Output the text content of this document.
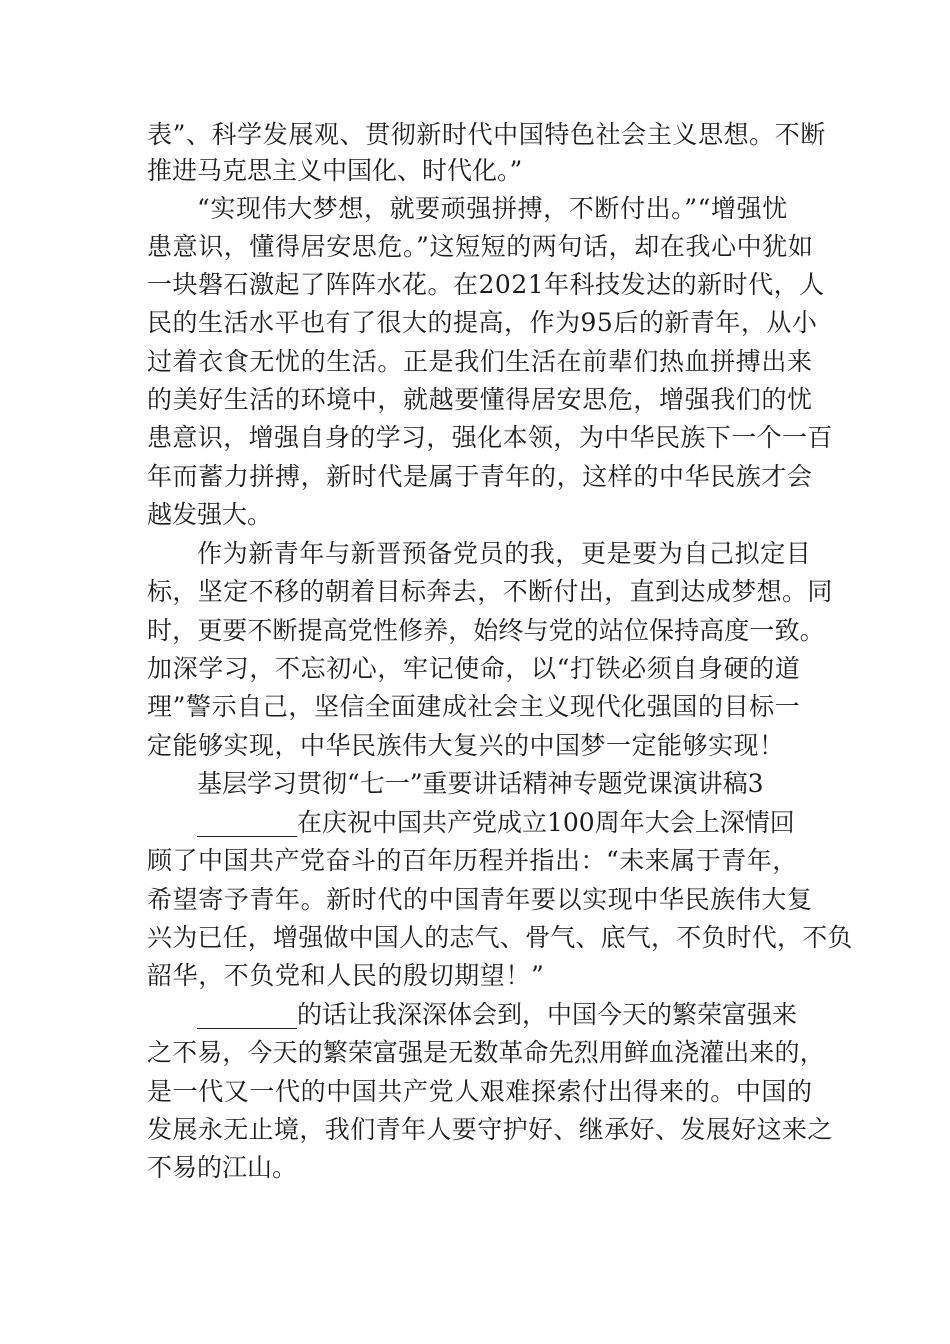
表”、科学发展观、贯彻新时代中国特色社会主义思想。不断
推进马克思主义中国化、时代化。”
“实现伟大梦想，就要顽强拼搏，不断付出。”“增强忧
患意识，懂得居安思危。”这短短的两句话，却在我心中犹如
一块磐石激起了阵阵水花。在2021年科技发达的新时代，人
民的生活水平也有了很大的提高，作为95后的新青年，从小
过着衣食无忧的生活。正是我们生活在前辈们热血拼搏出来
的美好生活的环境中，就越要懂得居安思危，增强我们的忧
患意识，增强自身的学习，强化本领，为中华民族下一个一百
年而蓄力拼搏，新时代是属于青年的，这样的中华民族才会
越发强大。
作为新青年与新晋预备党员的我，更是要为自己拟定目
标，坚定不移的朝着目标奔去，不断付出，直到达成梦想。同
时，更要不断提高党性修养，始终与党的站位保持高度一致。
加深学习，不忘初心，牢记使命，以“打铁必须自身硬的道
理”警示自己，坚信全面建成社会主义现代化强国的目标一
定能够实现，中华民族伟大复兴的中国梦一定能够实现！
基层学习贯彻“七一”重要讲话精神专题党课演讲稿3
________在庆祝中国共产党成立100周年大会上深情回
顾了中国共产党奋斗的百年历程并指出：“未来属于青年，
希望寄予青年。新时代的中国青年要以实现中华民族伟大复
兴为已任，增强做中国人的志气、骨气、底气，不负时代，不负
韶华，不负党和人民的殷切期望！”
________的话让我深深体会到，中国今天的繁荣富强来
之不易，今天的繁荣富强是无数革命先烈用鲜血浇灌出来的，
是一代又一代的中国共产党人艰难探索付出得来的。中国的
发展永无止境，我们青年人要守护好、继承好、发展好这来之
不易的江山。
